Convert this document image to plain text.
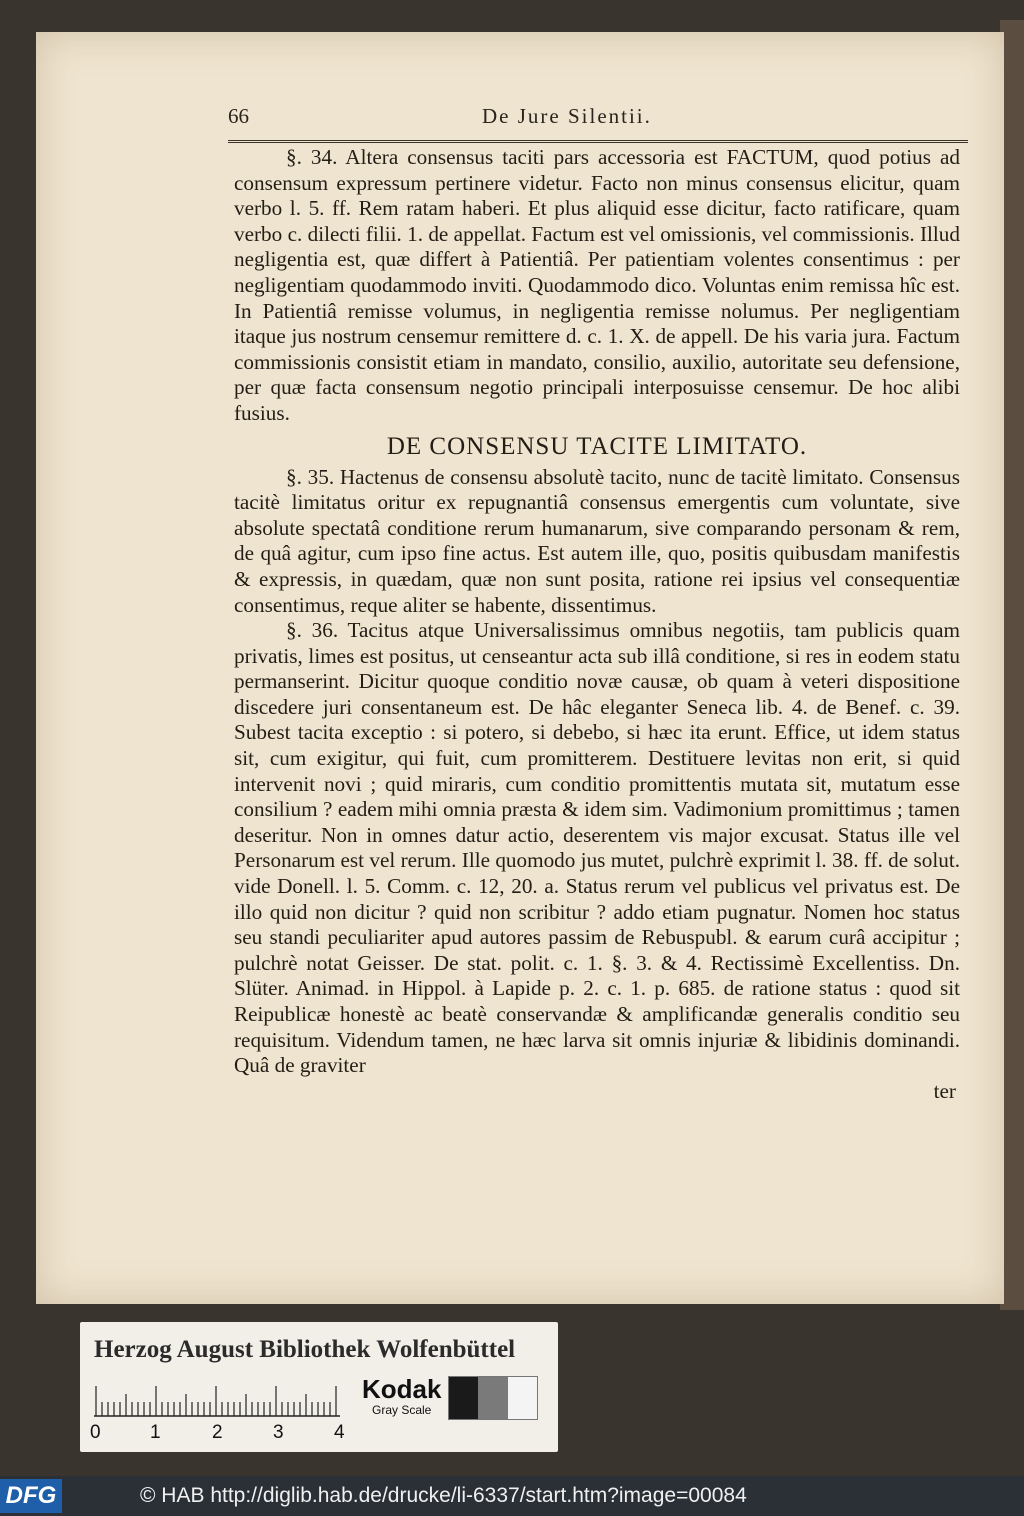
66	De Jure Silentii.

§. 34. Altera consensus taciti pars accessoria est FACTUM, quod potius ad consensum expressum pertinere videtur. Facto non minus consensus elicitur, quam verbo l. 5. ff. Rem ratam haberi. Et plus aliquid esse dicitur, facto ratificare, quam verbo c. dilecti filii. 1. de appellat. Factum est vel omissionis, vel commissionis. Illud negligentia est, quæ differt à Patientiâ. Per patientiam volentes consentimus : per negligentiam quodammodo inviti. Quodammodo dico. Voluntas enim remissa hîc est. In Patientiâ remisse volumus, in negligentia remisse nolumus. Per negligentiam itaque jus nostrum censemur remittere d. c. 1. X. de appell. De his varia jura. Factum commissionis consistit etiam in mandato, consilio, auxilio, autoritate seu defensione, per quæ facta consensum negotio principali interposuisse censemur. De hoc alibi fusius.

DE CONSENSU TACITE LIMITATO.

§. 35. Hactenus de consensu absolutè tacito, nunc de tacitè limitato. Consensus tacitè limitatus oritur ex repugnantiâ consensus emergentis cum voluntate, sive absolute spectatâ conditione rerum humanarum, sive comparando personam & rem, de quâ agitur, cum ipso fine actus. Est autem ille, quo, positis quibusdam manifestis & expressis, in quædam, quæ non sunt posita, ratione rei ipsius vel consequentiæ consentimus, reque aliter se habente, dissentimus.

§. 36. Tacitus atque Universalissimus omnibus negotiis, tam publicis quam privatis, limes est positus, ut censeantur acta sub illâ conditione, si res in eodem statu permanserint. Dicitur quoque conditio novæ causæ, ob quam à veteri dispositione discedere juri consentaneum est. De hâc eleganter Seneca lib. 4. de Benef. c. 39. Subest tacita exceptio : si potero, si debebo, si hæc ita erunt. Effice, ut idem status sit, cum exigitur, qui fuit, cum promitterem. Destituere levitas non erit, si quid intervenit novi ; quid miraris, cum conditio promittentis mutata sit, mutatum esse consilium ? eadem mihi omnia præsta & idem sim. Vadimonium promittimus ; tamen deseritur. Non in omnes datur actio, deserentem vis major excusat. Status ille vel Personarum est vel rerum. Ille quomodo jus mutet, pulchrè exprimit l. 38. ff. de solut. vide Donell. l. 5. Comm. c. 12, 20. a. Status rerum vel publicus vel privatus est. De illo quid non dicitur ? quid non scribitur ? addo etiam pugnatur. Nomen hoc status seu standi peculiariter apud autores passim de Rebuspubl. & earum curâ accipitur ; pulchrè notat Geisser. De stat. polit. c. 1. §. 3. & 4. Rectissimè Excellentiss. Dn. Slüter. Animad. in Hippol. à Lapide p. 2. c. 1. p. 685. de ratione status : quod sit Reipublicæ honestè ac beatè conservandæ & amplificandæ generalis conditio seu requisitum. Videndum tamen, ne hæc larva sit omnis injuriæ & libidinis dominandi. Quâ de graviter

ter

Herzog August Bibliothek Wolfenbüttel
0	1	2	3	4
Kodak
Gray Scale
DFG	© HAB http://diglib.hab.de/drucke/li-6337/start.htm?image=00084
